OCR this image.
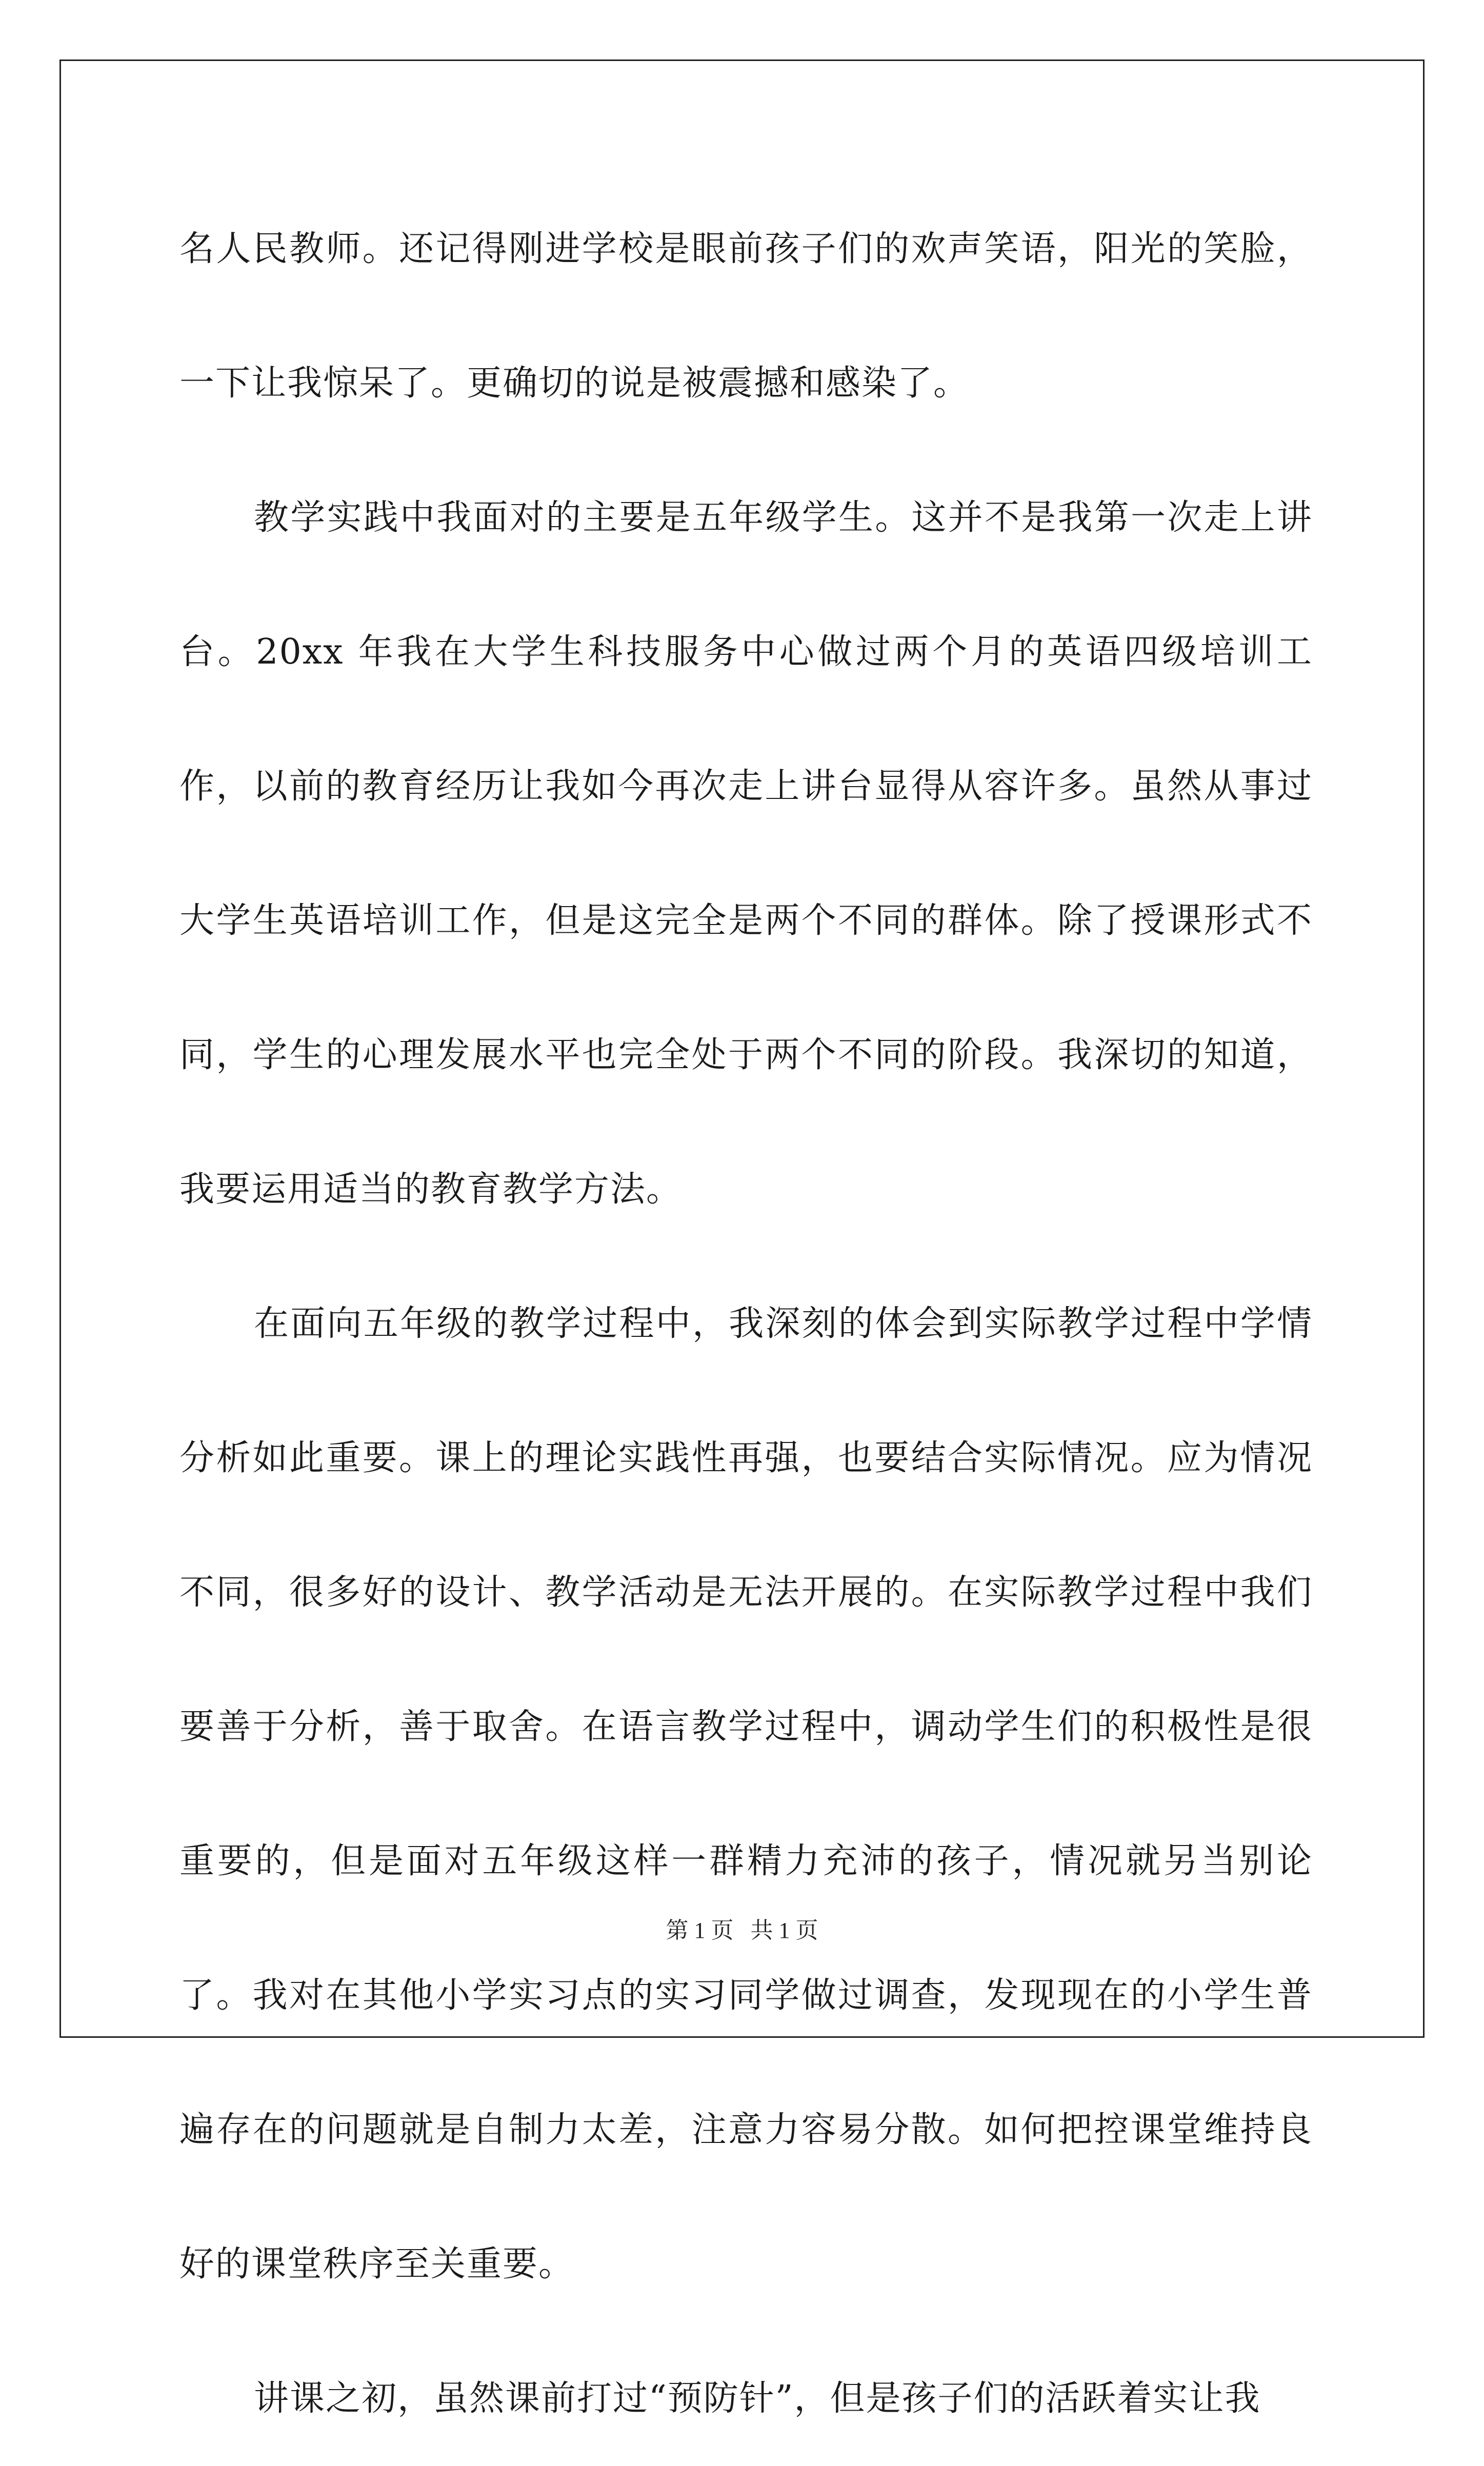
名人民教师。还记得刚进学校是眼前孩子们的欢声笑语，阳光的笑脸，一下让我惊呆了。更确切的说是被震撼和感染了。

教学实践中我面对的主要是五年级学生。这并不是我第一次走上讲台。20xx 年我在大学生科技服务中心做过两个月的英语四级培训工作，以前的教育经历让我如今再次走上讲台显得从容许多。虽然从事过大学生英语培训工作，但是这完全是两个不同的群体。除了授课形式不同，学生的心理发展水平也完全处于两个不同的阶段。我深切的知道，我要运用适当的教育教学方法。

在面向五年级的教学过程中，我深刻的体会到实际教学过程中学情分析如此重要。课上的理论实践性再强，也要结合实际情况。应为情况不同，很多好的设计、教学活动是无法开展的。在实际教学过程中我们要善于分析，善于取舍。在语言教学过程中，调动学生们的积极性是很重要的，但是面对五年级这样一群精力充沛的孩子，情况就另当别论了。我对在其他小学实习点的实习同学做过调查，发现现在的小学生普遍存在的问题就是自制力太差，注意力容易分散。如何把控课堂维持良好的课堂秩序至关重要。

讲课之初，虽然课前打过“预防针”，但是孩子们的活跃着实让我

第 1 页   共 1 页
